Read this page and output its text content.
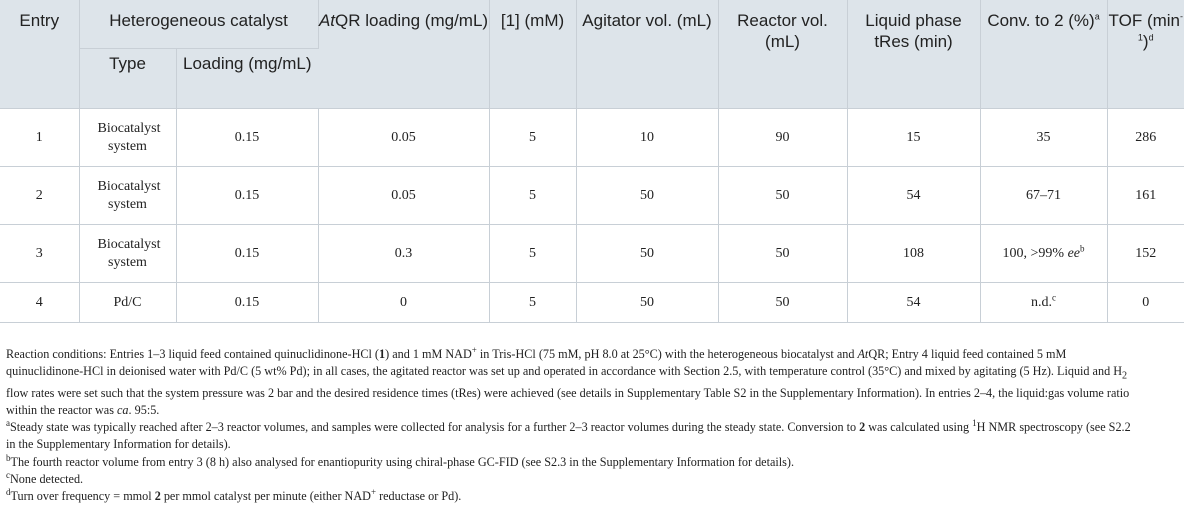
Entry	Heterogeneous catalyst		AtQR loading (mg/mL)	[1] (mM)	Agitator vol. (mL)	Reactor vol. (mL)	Liquid phase tRes (min)	Conv. to 2 (%)$^a$	TOF $(\min^{-1})^d$
	Type	Loading (mg/mL)							
1	Biocatalyst system	0.15	0.05	5	10	90	15	35	286
2	Biocatalyst system	0.15	0.05	5	50	50	54	67–71	161
3	Biocatalyst system	0.15	0.3	5	50	50	108	100, >99% $ee^b$	152
4	Pd/C	0.15	0	5	50	50	54	n.d.$^c$	0

Reaction conditions: Entries 1–3 liquid feed contained quinuclidinone-HCl (1) and 1 mM NAD+ in Tris-HCl (75 mM, pH 8.0 at 25°C) with the heterogeneous biocatalyst and AtQR; Entry 4 liquid feed contained 5 mM quinuclidinone-HCl in deionised water with Pd/C (5 wt% Pd); in all cases, the agitated reactor was set up and operated in accordance with Section 2.5, with temperature control (35°C) and mixed by agitating (5 Hz). Liquid and $H_2$ flow rates were set such that the system pressure was 2 bar and the desired residence times (tRes) were achieved (see details in Supplementary Table S2 in the Supplementary Information). In entries 2–4, the liquid:gas volume ratio within the reactor was ca. 95:5.

$^a$Steady state was typically reached after 2–3 reactor volumes, and samples were collected for analysis for a further 2–3 reactor volumes during the steady state. Conversion to 2 was calculated using $^1$H NMR spectroscopy (see S2.2 in the Supplementary Information for details).

$^b$The fourth reactor volume from entry 3 (8 h) also analysed for enantiopurity using chiral-phase GC-FID (see S2.3 in the Supplementary Information for details).

$^c$None detected.

$^d$Turn over frequency = mmol 2 per mmol catalyst per minute (either NAD+ reductase or Pd).
